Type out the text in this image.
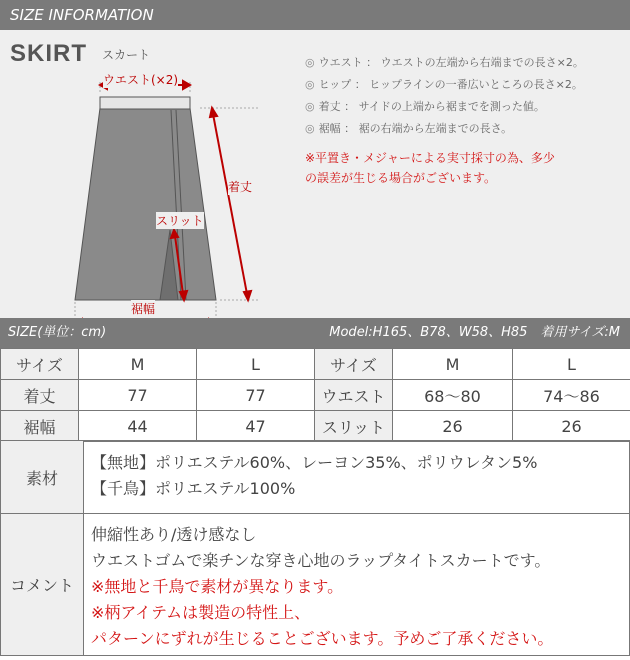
SIZE INFORMATION
SKIRT スカート
◎ ウエスト ： ウエストの左端から右端までの長さ×2。
◎ ヒップ ： ヒップラインの一番広いところの長さ×2。
◎ 着丈 ： サイドの上端から裾までを測った値。
◎ 裾幅 ： 裾の右端から左端までの長さ。
※平置き・メジャーによる実寸採寸の為、多少
の誤差が生じる場合がございます。
ウエスト(×2)
着丈
スリット
裾幅
SIZE(単位：cm)	Model:H165、B78、W58、H85　着用サイズ:M
サイズ	M	L	サイズ	M	L
着丈	77	77	ウエスト	68〜80	74〜86
裾幅	44	47	スリット	26	26
素材
【無地】ポリエステル60%、レーヨン35%、ポリウレタン5%
【千鳥】ポリエステル100%
コメント
伸縮性あり/透け感なし
ウエストゴムで楽チンな穿き心地のラップタイトスカートです。
※無地と千鳥で素材が異なります。
※柄アイテムは製造の特性上、
パターンにずれが生じることございます。予めご了承ください。
